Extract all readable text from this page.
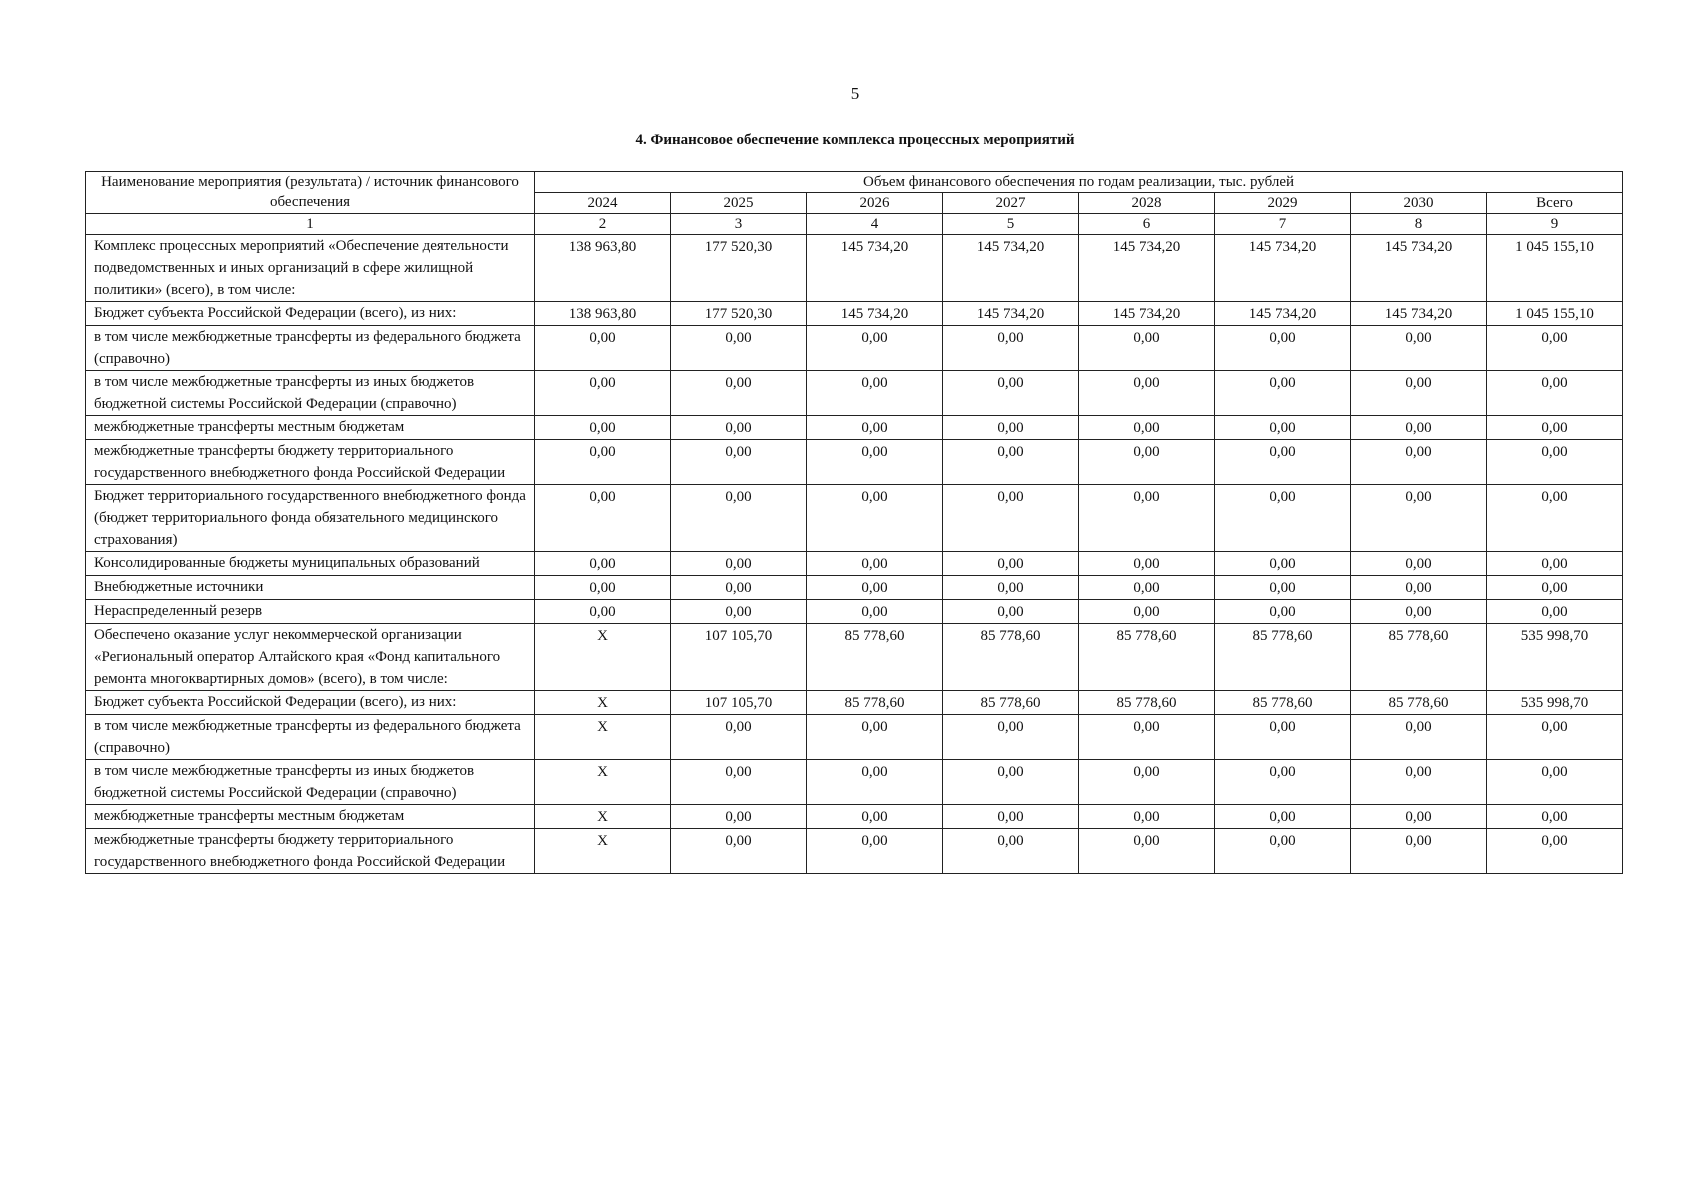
5
4. Финансовое обеспечение комплекса процессных мероприятий
Наименование мероприятия (результата) / источник финансового обеспечения	Объем финансового обеспечения по годам реализации, тыс. рублей							
	2024	2025	2026	2027	2028	2029	2030	Всего
1	2	3	4	5	6	7	8	9
Комплекс процессных мероприятий «Обеспечение деятельности подведомственных и иных организаций в сфере жилищной политики» (всего), в том числе:	138 963,80	177 520,30	145 734,20	145 734,20	145 734,20	145 734,20	145 734,20	1 045 155,10
Бюджет субъекта Российской Федерации (всего), из них:	138 963,80	177 520,30	145 734,20	145 734,20	145 734,20	145 734,20	145 734,20	1 045 155,10
в том числе межбюджетные трансферты из федерального бюджета (справочно)	0,00	0,00	0,00	0,00	0,00	0,00	0,00	0,00
в том числе межбюджетные трансферты из иных бюджетов бюджетной системы Российской Федерации (справочно)	0,00	0,00	0,00	0,00	0,00	0,00	0,00	0,00
межбюджетные трансферты местным бюджетам	0,00	0,00	0,00	0,00	0,00	0,00	0,00	0,00
межбюджетные трансферты бюджету территориального государственного внебюджетного фонда Российской Федерации	0,00	0,00	0,00	0,00	0,00	0,00	0,00	0,00
Бюджет территориального государственного внебюджетного фонда (бюджет территориального фонда обязательного медицинского страхования)	0,00	0,00	0,00	0,00	0,00	0,00	0,00	0,00
Консолидированные бюджеты муниципальных образований	0,00	0,00	0,00	0,00	0,00	0,00	0,00	0,00
Внебюджетные источники	0,00	0,00	0,00	0,00	0,00	0,00	0,00	0,00
Нераспределенный резерв	0,00	0,00	0,00	0,00	0,00	0,00	0,00	0,00
Обеспечено оказание услуг некоммерческой организации «Региональный оператор Алтайского края «Фонд капитального ремонта многоквартирных домов» (всего), в том числе:	X	107 105,70	85 778,60	85 778,60	85 778,60	85 778,60	85 778,60	535 998,70
Бюджет субъекта Российской Федерации (всего), из них:	X	107 105,70	85 778,60	85 778,60	85 778,60	85 778,60	85 778,60	535 998,70
в том числе межбюджетные трансферты из федерального бюджета (справочно)	X	0,00	0,00	0,00	0,00	0,00	0,00	0,00
в том числе межбюджетные трансферты из иных бюджетов бюджетной системы Российской Федерации (справочно)	X	0,00	0,00	0,00	0,00	0,00	0,00	0,00
межбюджетные трансферты местным бюджетам	X	0,00	0,00	0,00	0,00	0,00	0,00	0,00
межбюджетные трансферты бюджету территориального государственного внебюджетного фонда Российской Федерации	X	0,00	0,00	0,00	0,00	0,00	0,00	0,00
